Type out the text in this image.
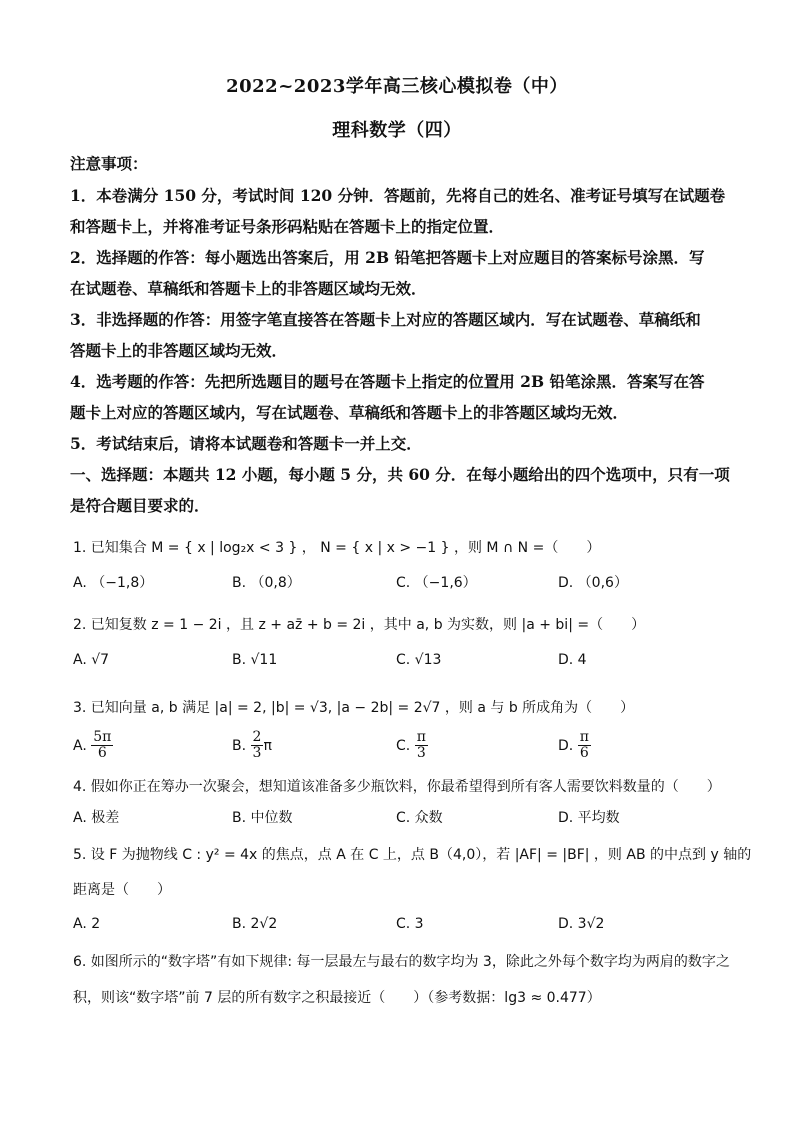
2022~2023学年高三核心模拟卷（中）
理科数学（四）
注意事项：
1．本卷满分 150 分，考试时间 120 分钟．答题前，先将自己的姓名、准考证号填写在试题卷
和答题卡上，并将准考证号条形码粘贴在答题卡上的指定位置．
2．选择题的作答：每小题选出答案后，用 2B 铅笔把答题卡上对应题目的答案标号涂黑．写
在试题卷、草稿纸和答题卡上的非答题区域均无效．
3．非选择题的作答：用签字笔直接答在答题卡上对应的答题区域内．写在试题卷、草稿纸和
答题卡上的非答题区域均无效．
4．选考题的作答：先把所选题目的题号在答题卡上指定的位置用 2B 铅笔涂黑．答案写在答
题卡上对应的答题区域内，写在试题卷、草稿纸和答题卡上的非答题区域均无效．
5．考试结束后，请将本试题卷和答题卡一并上交．
一、选择题：本题共 12 小题，每小题 5 分，共 60 分．在每小题给出的四个选项中，只有一项
是符合题目要求的．
1. 已知集合 M = { x | log₂x < 3 } ， N = { x | x > −1 } ，则 M ∩ N =（　　）
A. （−1,8）	B. （0,8）	C. （−1,6）	D. （0,6）
2. 已知复数 z = 1 − 2i ，且 z + az̄ + b = 2i ，其中 a, b 为实数，则 |a + bi| =（　　）
A. √7	B. √11	C. √13	D. 4
3. 已知向量 a, b 满足 |a| = 2, |b| = √3, |a − 2b| = 2√7 ，则 a 与 b 所成角为（　　）
A. $\frac{5\pi}{6}$	B. $\frac{2}{3}$ π	C. $\frac{\pi}{3}$	D. $\frac{\pi}{6}$
4. 假如你正在筹办一次聚会，想知道该准备多少瓶饮料，你最希望得到所有客人需要饮料数量的（　　）
A. 极差	B. 中位数	C. 众数	D. 平均数
5. 设 F 为抛物线 C : y² = 4x 的焦点，点 A 在 C 上，点 B（4,0），若 |AF| = |BF| ，则 AB 的中点到 y 轴的
距离是（　　）
A. 2	B. 2√2	C. 3	D. 3√2
6. 如图所示的“数字塔”有如下规律: 每一层最左与最右的数字均为 3，除此之外每个数字均为两肩的数字之
积，则该“数字塔”前 7 层的所有数字之积最接近（　　）（参考数据：lg3 ≈ 0.477）
